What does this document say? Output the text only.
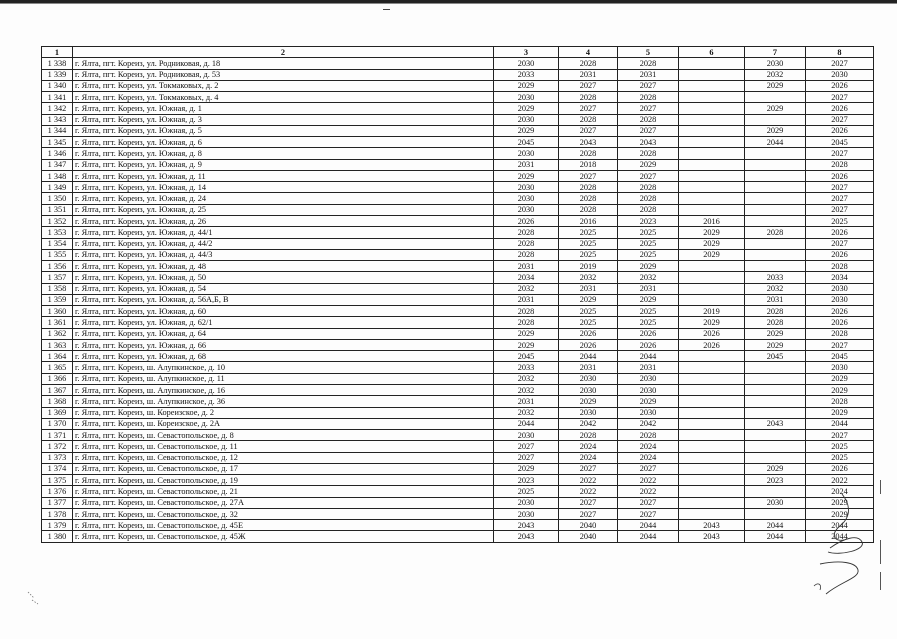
1	2	3	4	5	6	7	8
1 338	г. Ялта, пгт. Кореиз, ул. Родниковая, д. 18	2030	2028	2028		2030	2027
1 339	г. Ялта, пгт. Кореиз, ул. Родниковая, д. 53	2033	2031	2031		2032	2030
1 340	г. Ялта, пгт. Кореиз, ул. Токмаковых, д. 2	2029	2027	2027		2029	2026
1 341	г. Ялта, пгт. Кореиз, ул. Токмаковых, д. 4	2030	2028	2028			2027
1 342	г. Ялта, пгт. Кореиз, ул. Южная, д. 1	2029	2027	2027		2029	2026
1 343	г. Ялта, пгт. Кореиз, ул. Южная, д. 3	2030	2028	2028			2027
1 344	г. Ялта, пгт. Кореиз, ул. Южная, д. 5	2029	2027	2027		2029	2026
1 345	г. Ялта, пгт. Кореиз, ул. Южная, д. 6	2045	2043	2043		2044	2045
1 346	г. Ялта, пгт. Кореиз, ул. Южная, д. 8	2030	2028	2028			2027
1 347	г. Ялта, пгт. Кореиз, ул. Южная, д. 9	2031	2018	2029			2028
1 348	г. Ялта, пгт. Кореиз, ул. Южная, д. 11	2029	2027	2027			2026
1 349	г. Ялта, пгт. Кореиз, ул. Южная, д. 14	2030	2028	2028			2027
1 350	г. Ялта, пгт. Кореиз, ул. Южная, д. 24	2030	2028	2028			2027
1 351	г. Ялта, пгт. Кореиз, ул. Южная, д. 25	2030	2028	2028			2027
1 352	г. Ялта, пгт. Кореиз, ул. Южная, д. 26	2026	2016	2023	2016		2025
1 353	г. Ялта, пгт. Кореиз, ул. Южная, д. 44/1	2028	2025	2025	2029	2028	2026
1 354	г. Ялта, пгт. Кореиз, ул. Южная, д. 44/2	2028	2025	2025	2029		2027
1 355	г. Ялта, пгт. Кореиз, ул. Южная, д. 44/3	2028	2025	2025	2029		2026
1 356	г. Ялта, пгт. Кореиз, ул. Южная, д. 48	2031	2019	2029			2028
1 357	г. Ялта, пгт. Кореиз, ул. Южная, д. 50	2034	2032	2032		2033	2034
1 358	г. Ялта, пгт. Кореиз, ул. Южная, д. 54	2032	2031	2031		2032	2030
1 359	г. Ялта, пгт. Кореиз, ул. Южная, д. 56А,Б, В	2031	2029	2029		2031	2030
1 360	г. Ялта, пгт. Кореиз, ул. Южная, д. 60	2028	2025	2025	2019	2028	2026
1 361	г. Ялта, пгт. Кореиз, ул. Южная, д. 62/1	2028	2025	2025	2029	2028	2026
1 362	г. Ялта, пгт. Кореиз, ул. Южная, д. 64	2029	2026	2026	2026	2029	2028
1 363	г. Ялта, пгт. Кореиз, ул. Южная, д. 66	2029	2026	2026	2026	2029	2027
1 364	г. Ялта, пгт. Кореиз, ул. Южная, д. 68	2045	2044	2044		2045	2045
1 365	г. Ялта, пгт. Кореиз, ш. Алупкинское, д. 10	2033	2031	2031			2030
1 366	г. Ялта, пгт. Кореиз, ш. Алупкинское, д. 11	2032	2030	2030			2029
1 367	г. Ялта, пгт. Кореиз, ш. Алупкинское, д. 16	2032	2030	2030			2029
1 368	г. Ялта, пгт. Кореиз, ш. Алупкинское, д. 36	2031	2029	2029			2028
1 369	г. Ялта, пгт. Кореиз, ш. Кореизское, д. 2	2032	2030	2030			2029
1 370	г. Ялта, пгт. Кореиз, ш. Кореизское, д. 2А	2044	2042	2042		2043	2044
1 371	г. Ялта, пгт. Кореиз, ш. Севастопольское, д. 8	2030	2028	2028			2027
1 372	г. Ялта, пгт. Кореиз, ш. Севастопольское, д. 11	2027	2024	2024			2025
1 373	г. Ялта, пгт. Кореиз, ш. Севастопольское, д. 12	2027	2024	2024			2025
1 374	г. Ялта, пгт. Кореиз, ш. Севастопольское, д. 17	2029	2027	2027		2029	2026
1 375	г. Ялта, пгт. Кореиз, ш. Севастопольское, д. 19	2023	2022	2022		2023	2022
1 376	г. Ялта, пгт. Кореиз, ш. Севастопольское, д. 21	2025	2022	2022			2024
1 377	г. Ялта, пгт. Кореиз, ш. Севастопольское, д. 27А	2030	2027	2027		2030	2029
1 378	г. Ялта, пгт. Кореиз, ш. Севастопольское, д. 32	2030	2027	2027			2029
1 379	г. Ялта, пгт. Кореиз, ш. Севастопольское, д. 45Е	2043	2040	2044	2043	2044	2044
1 380	г. Ялта, пгт. Кореиз, ш. Севастопольское, д. 45Ж	2043	2040	2044	2043	2044	2044
